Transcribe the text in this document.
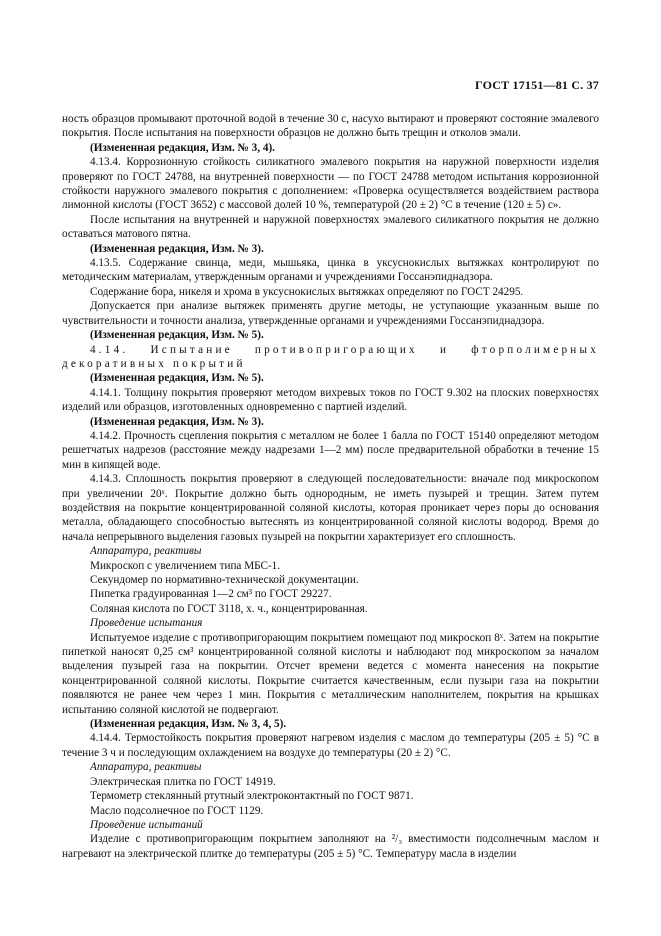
ГОСТ 17151—81 С. 37

ность образцов промывают проточной водой в течение 30 с, насухо вытирают и проверяют состояние эмалевого покрытия. После испытания на поверхности образцов не должно быть трещин и отколов эмали.

(Измененная редакция, Изм. № 3, 4).

4.13.4. Коррозионную стойкость силикатного эмалевого покрытия на наружной поверхности изделия проверяют по ГОСТ 24788, на внутренней поверхности — по ГОСТ 24788 методом испытания коррозионной стойкости наружного эмалевого покрытия с дополнением: «Проверка осуществляется воздействием раствора лимонной кислоты (ГОСТ 3652) с массовой долей 10 %, температурой (20 ± 2) °С в течение (120 ± 5) с».

После испытания на внутренней и наружной поверхностях эмалевого силикатного покрытия не должно оставаться матового пятна.

(Измененная редакция, Изм. № 3).

4.13.5. Содержание свинца, меди, мышьяка, цинка в уксуснокислых вытяжках контролируют по методическим материалам, утвержденным органами и учреждениями Госсанэпиднадзора.

Содержание бора, никеля и хрома в уксуснокислых вытяжках определяют по ГОСТ 24295.

Допускается при анализе вытяжек применять другие методы, не уступающие указанным выше по чувствительности и точности анализа, утвержденные органами и учреждениями Госсанэпиднадзора.

(Измененная редакция, Изм. № 5).

4.14. Испытание противопригорающих и фторполимерных декоративных покрытий

(Измененная редакция, Изм. № 5).

4.14.1. Толщину покрытия проверяют методом вихревых токов по ГОСТ 9.302 на плоских поверхностях изделий или образцов, изготовленных одновременно с партией изделий.

(Измененная редакция, Изм. № 3).

4.14.2. Прочность сцепления покрытия с металлом не более 1 балла по ГОСТ 15140 определяют методом решетчатых надрезов (расстояние между надрезами 1—2 мм) после предварительной обработки в течение 15 мин в кипящей воде.

4.14.3. Сплошность покрытия проверяют в следующей последовательности: вначале под микроскопом при увеличении 20ˣ. Покрытие должно быть однородным, не иметь пузырей и трещин. Затем путем воздействия на покрытие концентрированной соляной кислоты, которая проникает через поры до основания металла, обладающего способностью вытеснять из концентрированной соляной кислоты водород. Время до начала непрерывного выделения газовых пузырей на покрытии характеризует его сплошность.

Аппаратура, реактивы

Микроскоп с увеличением типа МБС-1.

Секундомер по нормативно-технической документации.

Пипетка градуированная 1—2 см³ по ГОСТ 29227.

Соляная кислота по ГОСТ 3118, х. ч., концентрированная.

Проведение испытания

Испытуемое изделие с противопригорающим покрытием помещают под микроскоп 8ˣ. Затем на покрытие пипеткой наносят 0,25 см³ концентрированной соляной кислоты и наблюдают под микроскопом за началом выделения пузырей газа на покрытии. Отсчет времени ведется с момента нанесения на покрытие концентрированной соляной кислоты. Покрытие считается качественным, если пузыри газа на покрытии появляются не ранее чем через 1 мин. Покрытия с металлическим наполнителем, покрытия на крышках испытанию соляной кислотой не подвергают.

(Измененная редакция, Изм. № 3, 4, 5).

4.14.4. Термостойкость покрытия проверяют нагревом изделия с маслом до температуры (205 ± 5) °С в течение 3 ч и последующим охлаждением на воздухе до температуры (20 ± 2) °С.

Аппаратура, реактивы

Электрическая плитка по ГОСТ 14919.

Термометр стеклянный ртутный электроконтактный по ГОСТ 9871.

Масло подсолнечное по ГОСТ 1129.

Проведение испытаний

Изделие с противопригорающим покрытием заполняют на ²/₃ вместимости подсолнечным маслом и нагревают на электрической плитке до температуры (205 ± 5) °С. Температуру масла в изделии
